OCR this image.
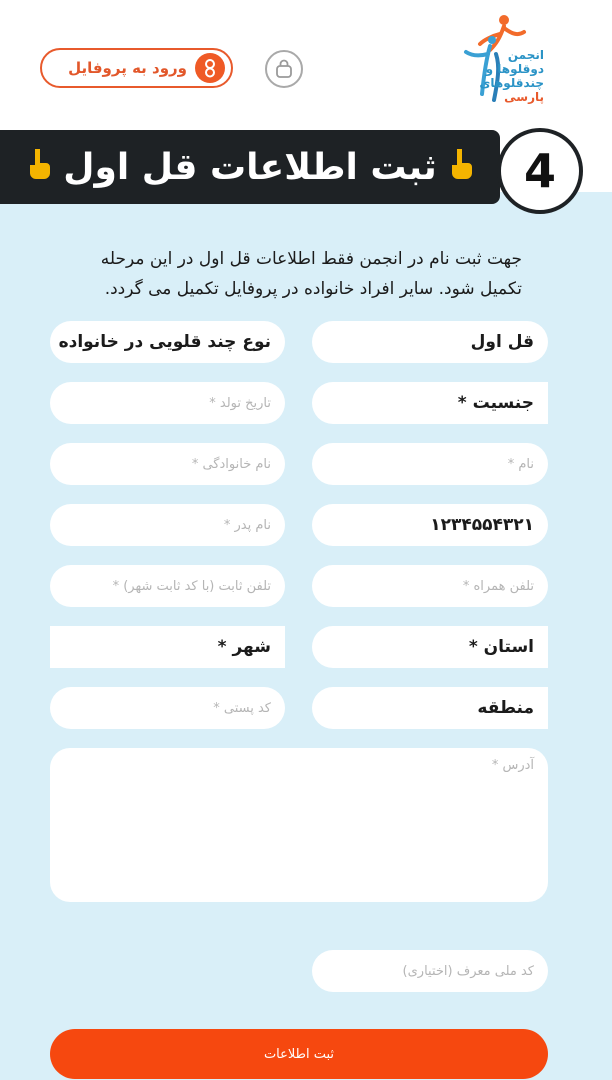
ورود به پروفایل
انجمن
دوقلوها و
چندقلوهای
پارسی
ثبت اطلاعات قل اول	4

جهت ثبت نام در انجمن فقط اطلاعات قل اول در این مرحله تکمیل شود. سایر افراد خانواده در پروفایل تکمیل می گردد.

قل اول
نوع چند قلویی در خانواده
جنسیت *
تاریخ تولد *
نام *
نام خانوادگی *
۱۲۳۴۵۵۴۳۲۱
نام پدر *
تلفن همراه *
تلفن ثابت (با کد ثابت شهر) *
استان *
شهر *
منطقه
کد پستی *
آدرس *
کد ملی معرف (اختیاری)
ثبت اطلاعات
